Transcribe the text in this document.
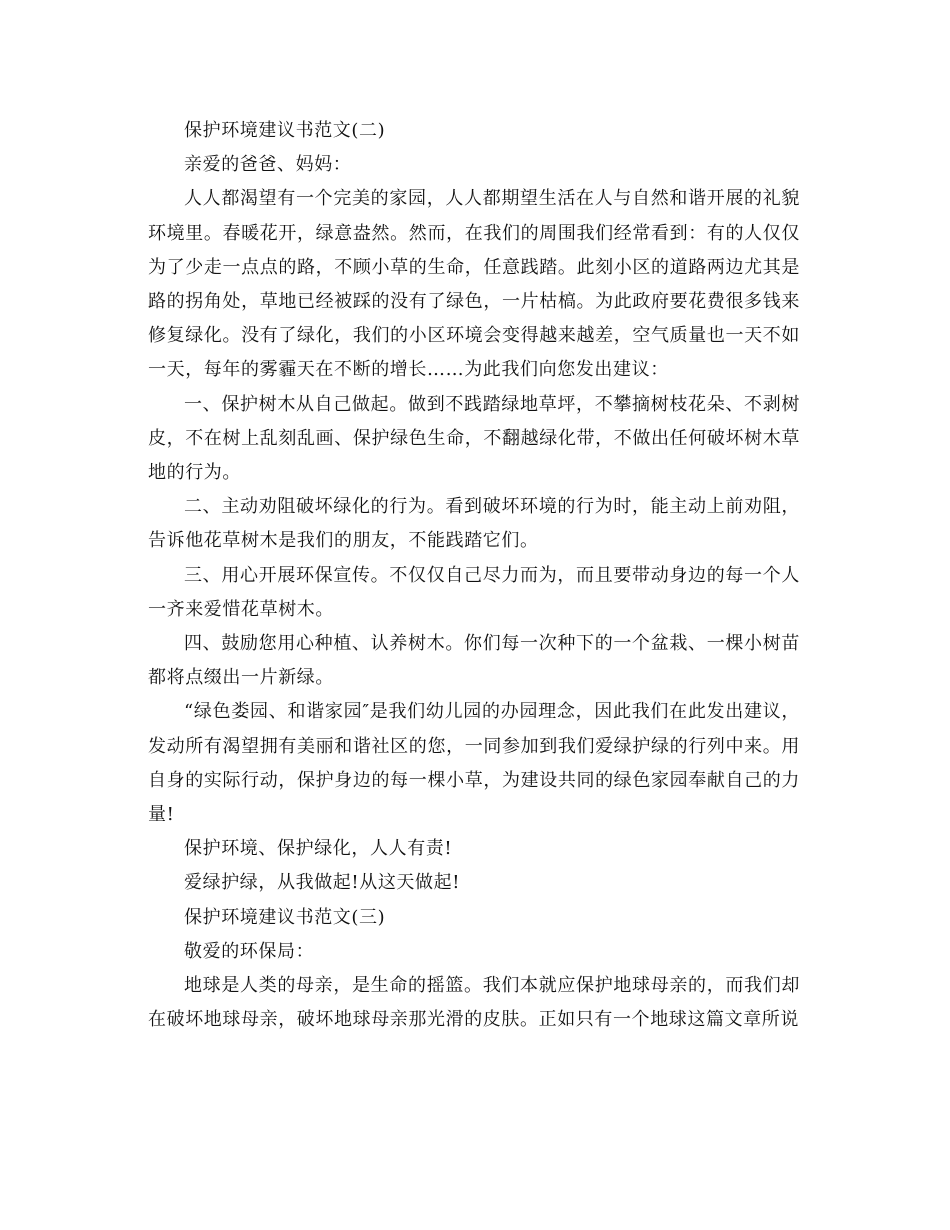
保护环境建议书范文(二)

亲爱的爸爸、妈妈：

人人都渴望有一个完美的家园，人人都期望生活在人与自然和谐开展的礼貌环境里。春暖花开，绿意盎然。然而，在我们的周围我们经常看到：有的人仅仅为了少走一点点的路，不顾小草的生命，任意践踏。此刻小区的道路两边尤其是路的拐角处，草地已经被踩的没有了绿色，一片枯槁。为此政府要花费很多钱来修复绿化。没有了绿化，我们的小区环境会变得越来越差，空气质量也一天不如一天，每年的雾霾天在不断的增长……为此我们向您发出建议：

一、保护树木从自己做起。做到不践踏绿地草坪，不攀摘树枝花朵、不剥树皮，不在树上乱刻乱画、保护绿色生命，不翻越绿化带，不做出任何破坏树木草地的行为。

二、主动劝阻破坏绿化的行为。看到破坏环境的行为时，能主动上前劝阻，告诉他花草树木是我们的朋友，不能践踏它们。

三、用心开展环保宣传。不仅仅自己尽力而为，而且要带动身边的每一个人一齐来爱惜花草树木。

四、鼓励您用心种植、认养树木。你们每一次种下的一个盆栽、一棵小树苗都将点缀出一片新绿。

“绿色娄园、和谐家园″是我们幼儿园的办园理念，因此我们在此发出建议，发动所有渴望拥有美丽和谐社区的您，一同参加到我们爱绿护绿的行列中来。用自身的实际行动，保护身边的每一棵小草，为建设共同的绿色家园奉献自己的力量!

保护环境、保护绿化，人人有责!

爱绿护绿，从我做起!从这天做起!

保护环境建议书范文(三)

敬爱的环保局：

地球是人类的母亲，是生命的摇篮。我们本就应保护地球母亲的，而我们却在破坏地球母亲，破坏地球母亲那光滑的皮肤。正如只有一个地球这篇文章所说
